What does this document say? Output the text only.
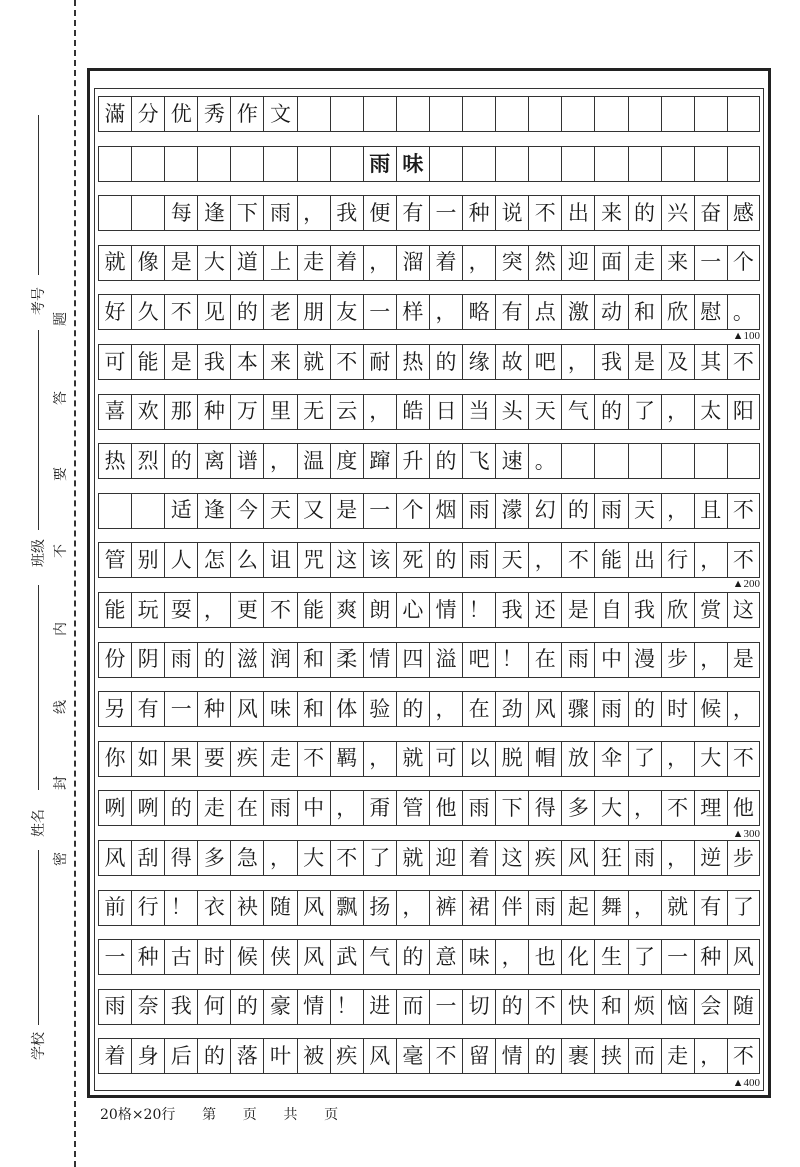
考号
班级
姓名
学校
题
答
要
不
内
线
封
密
滿 分 优 秀 作 文
雨 味
每 逢 下 雨 ， 我 便 有 一 种 说 不 出 来 的 兴 奋 感
就 像 是 大 道 上 走 着 ， 溜 着 ， 突 然 迎 面 走 来 一 个
好 久 不 见 的 老 朋 友 一 样 ， 略 有 点 激 动 和 欣 慰 。
可 能 是 我 本 来 就 不 耐 热 的 缘 故 吧 ， 我 是 及 其 不
喜 欢 那 种 万 里 无 云 ， 皓 日 当 头 天 气 的 了 ， 太 阳
热 烈 的 离 谱 ， 温 度 蹿 升 的 飞 速 。
适 逢 今 天 又 是 一 个 烟 雨 濛 幻 的 雨 天 ， 且 不
管 别 人 怎 么 诅 咒 这 该 死 的 雨 天 ， 不 能 出 行 ， 不
能 玩 耍 ， 更 不 能 爽 朗 心 情 ！ 我 还 是 自 我 欣 赏 这
份 阴 雨 的 滋 润 和 柔 情 四 溢 吧 ！ 在 雨 中 漫 步 ， 是
另 有 一 种 风 味 和 体 验 的 ， 在 劲 风 骤 雨 的 时 候 ，
你 如 果 要 疾 走 不 羁 ， 就 可 以 脱 帽 放 伞 了 ， 大 不
咧 咧 的 走 在 雨 中 ， 甭 管 他 雨 下 得 多 大 ， 不 理 他
风 刮 得 多 急 ， 大 不 了 就 迎 着 这 疾 风 狂 雨 ， 逆 步
前 行 ！ 衣 袂 随 风 飘 扬 ， 裤 裙 伴 雨 起 舞 ， 就 有 了
一 种 古 时 候 侠 风 武 气 的 意 味 ， 也 化 生 了 一 种 风
雨 奈 我 何 的 豪 情 ！ 进 而 一 切 的 不 快 和 烦 恼 会 随
着 身 后 的 落 叶 被 疾 风 毫 不 留 情 的 裹 挟 而 走 ， 不
▲100
▲200
▲300
▲400
20格×20行 第 页 共 页
